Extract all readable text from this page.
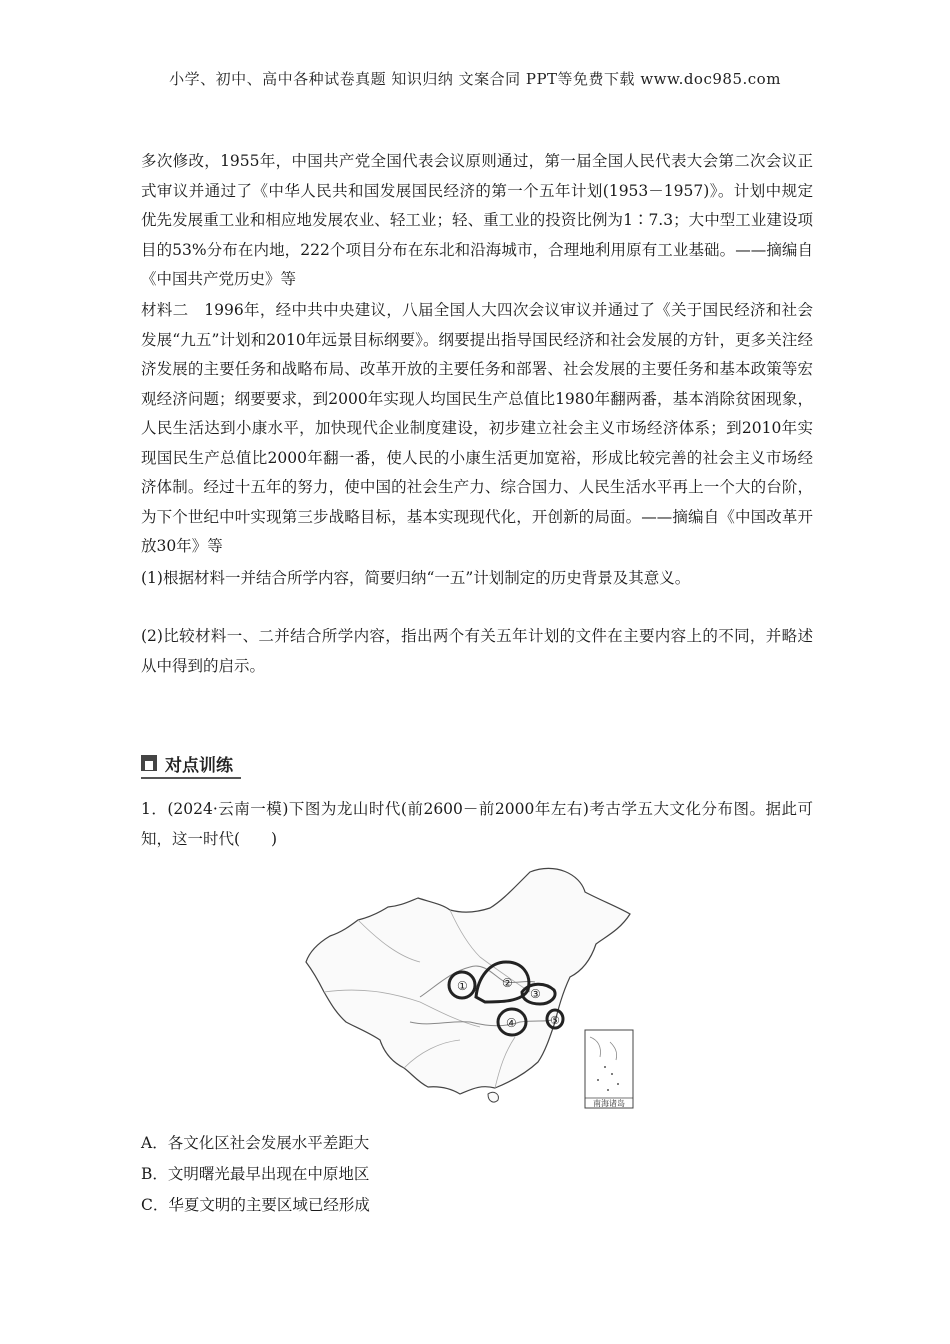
小学、初中、高中各种试卷真题 知识归纳 文案合同 PPT等免费下载 www.doc985.com
多次修改，1955年，中国共产党全国代表会议原则通过，第一届全国人民代表大会第二次会议正式审议并通过了《中华人民共和国发展国民经济的第一个五年计划(1953－1957)》。计划中规定优先发展重工业和相应地发展农业、轻工业；轻、重工业的投资比例为1∶7.3；大中型工业建设项目的53%分布在内地，222个项目分布在东北和沿海城市，合理地利用原有工业基础。——摘编自《中国共产党历史》等
材料二　1996年，经中共中央建议，八届全国人大四次会议审议并通过了《关于国民经济和社会发展“九五”计划和2010年远景目标纲要》。纲要提出指导国民经济和社会发展的方针，更多关注经济发展的主要任务和战略布局、改革开放的主要任务和部署、社会发展的主要任务和基本政策等宏观经济问题；纲要要求，到2000年实现人均国民生产总值比1980年翻两番，基本消除贫困现象，人民生活达到小康水平，加快现代企业制度建设，初步建立社会主义市场经济体系；到2010年实现国民生产总值比2000年翻一番，使人民的小康生活更加宽裕，形成比较完善的社会主义市场经济体制。经过十五年的努力，使中国的社会生产力、综合国力、人民生活水平再上一个大的台阶，为下个世纪中叶实现第三步战略目标，基本实现现代化，开创新的局面。——摘编自《中国改革开放30年》等
(1)根据材料一并结合所学内容，简要归纳“一五”计划制定的历史背景及其意义。
(2)比较材料一、二并结合所学内容，指出两个有关五年计划的文件在主要内容上的不同，并略述从中得到的启示。
对点训练
1．(2024·云南一模)下图为龙山时代(前2600－前2000年左右)考古学五大文化分布图。据此可知，这一时代(　　)
①	②
③
④	⑤
南海诸岛
A．各文化区社会发展水平差距大
B．文明曙光最早出现在中原地区
C．华夏文明的主要区域已经形成
